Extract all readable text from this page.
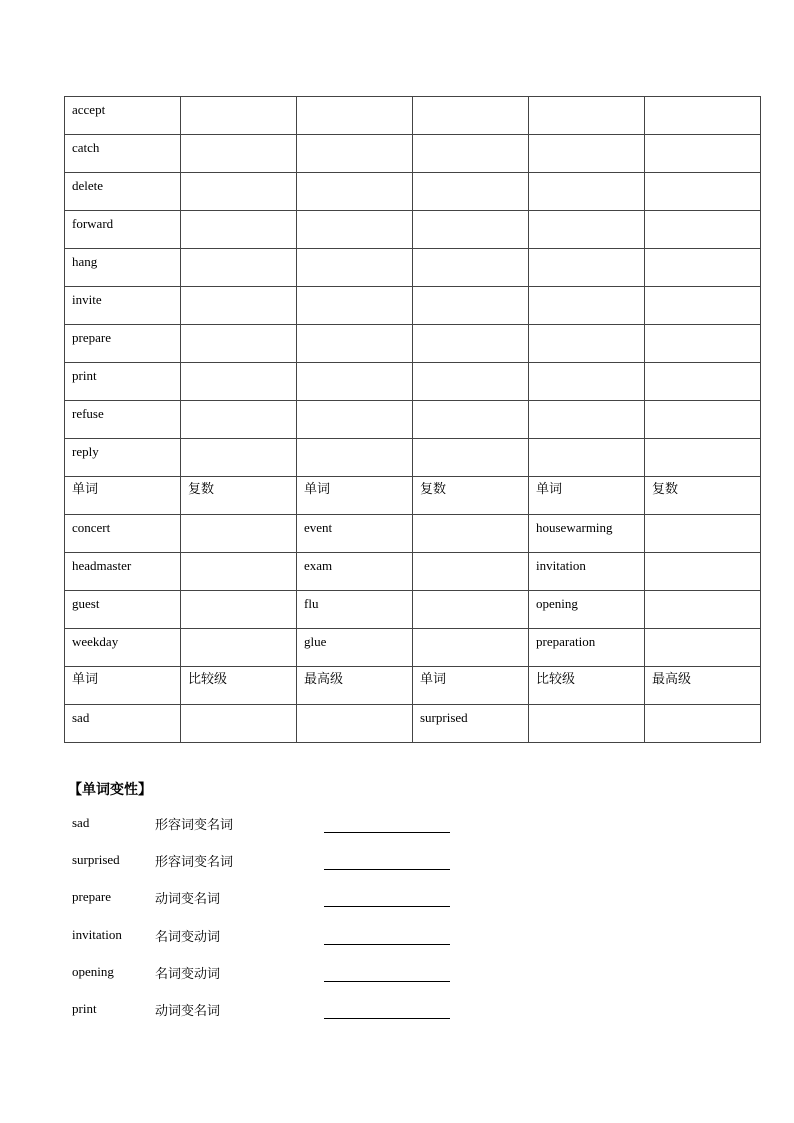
accept					
catch					
delete					
forward					
hang					
invite					
prepare					
print					
refuse					
reply					
单词	复数	单词	复数	单词	复数
concert		event		housewarming	
headmaster		exam		invitation	
guest		flu		opening	
weekday		glue		preparation	
单词	比较级	最高级	单词	比较级	最高级
sad			surprised		
【单词变性】
sad	形容词变名词
surprised	形容词变名词
prepare	动词变名词
invitation	名词变动词
opening	名词变动词
print	动词变名词
